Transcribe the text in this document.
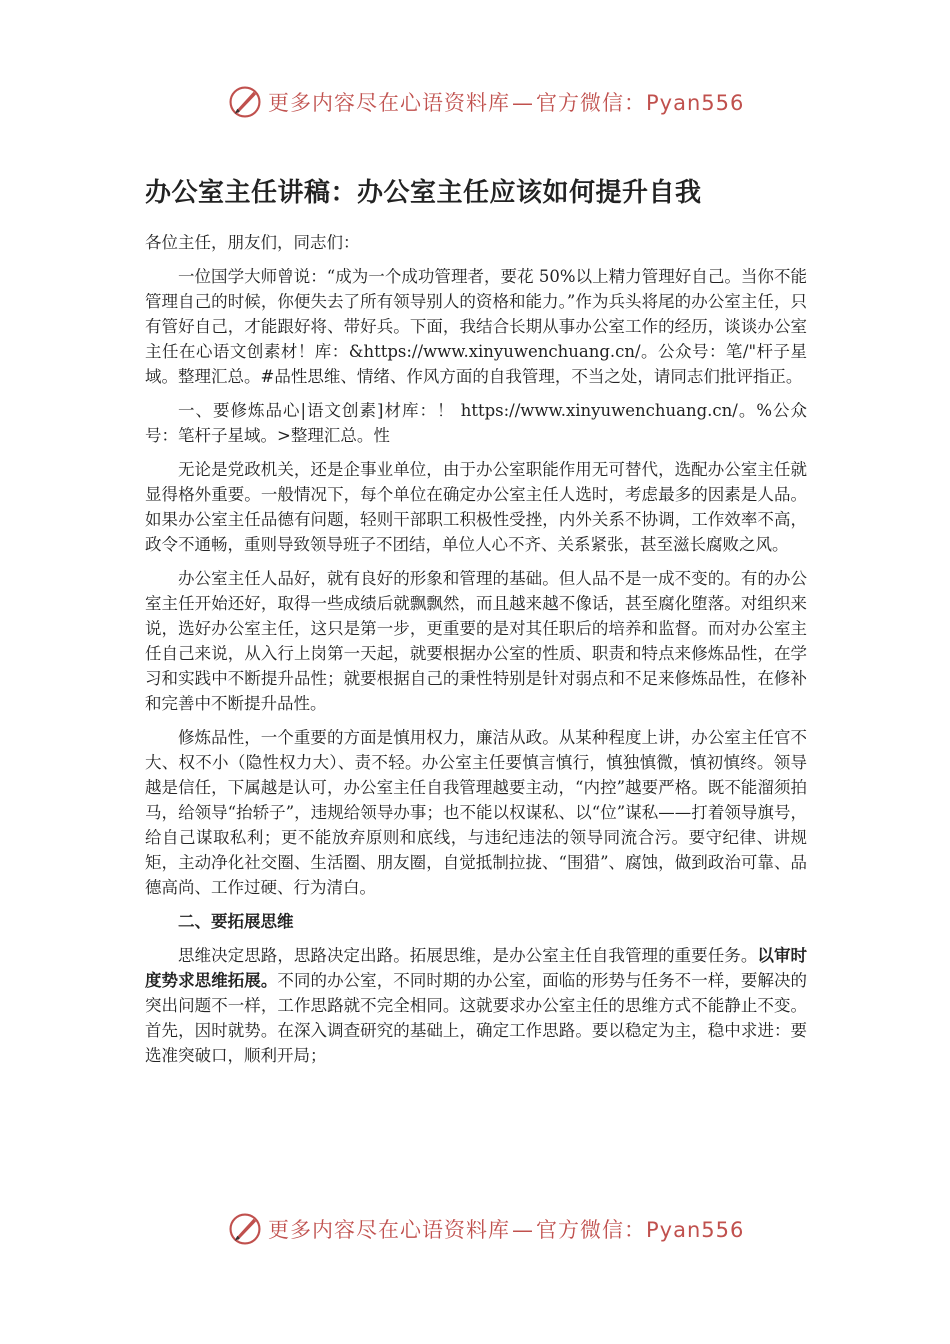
更多内容尽在心语资料库—官方微信：Pyan556
办公室主任讲稿：办公室主任应该如何提升自我

各位主任，朋友们，同志们：

一位国学大师曾说：“成为一个成功管理者，要花 50%以上精力管理好自己。当你不能管理自己的时候，你便失去了所有领导别人的资格和能力。”作为兵头将尾的办公室主任，只有管好自己，才能跟好将、带好兵。下面，我结合长期从事办公室工作的经历，谈谈办公室主任在心语文创素材！库：&https://www.xinyuwenchuang.cn/。公众号：笔/"杆子星域。整理汇总。#品性思维、情绪、作风方面的自我管理，不当之处，请同志们批评指正。

一、要修炼品心|语文创素]材库：！ https://www.xinyuwenchuang.cn/。%公众号：笔杆子星域。>整理汇总。性

无论是党政机关，还是企事业单位，由于办公室职能作用无可替代，选配办公室主任就显得格外重要。一般情况下，每个单位在确定办公室主任人选时，考虑最多的因素是人品。如果办公室主任品德有问题，轻则干部职工积极性受挫，内外关系不协调，工作效率不高，政令不通畅，重则导致领导班子不团结，单位人心不齐、关系紧张，甚至滋长腐败之风。

办公室主任人品好，就有良好的形象和管理的基础。但人品不是一成不变的。有的办公室主任开始还好，取得一些成绩后就飘飘然，而且越来越不像话，甚至腐化堕落。对组织来说，选好办公室主任，这只是第一步，更重要的是对其任职后的培养和监督。而对办公室主任自己来说，从入行上岗第一天起，就要根据办公室的性质、职责和特点来修炼品性，在学习和实践中不断提升品性；就要根据自己的秉性特别是针对弱点和不足来修炼品性，在修补和完善中不断提升品性。

修炼品性，一个重要的方面是慎用权力，廉洁从政。从某种程度上讲，办公室主任官不大、权不小（隐性权力大）、责不轻。办公室主任要慎言慎行，慎独慎微，慎初慎终。领导越是信任，下属越是认可，办公室主任自我管理越要主动，“内控”越要严格。既不能溜须拍马，给领导“抬轿子”，违规给领导办事；也不能以权谋私、以“位”谋私——打着领导旗号，给自己谋取私利；更不能放弃原则和底线，与违纪违法的领导同流合污。要守纪律、讲规矩，主动净化社交圈、生活圈、朋友圈，自觉抵制拉拢、“围猎”、腐蚀，做到政治可靠、品德高尚、工作过硬、行为清白。

二、要拓展思维

思维决定思路，思路决定出路。拓展思维，是办公室主任自我管理的重要任务。以审时度势求思维拓展。不同的办公室，不同时期的办公室，面临的形势与任务不一样，要解决的突出问题不一样，工作思路就不完全相同。这就要求办公室主任的思维方式不能静止不变。首先，因时就势。在深入调查研究的基础上，确定工作思路。要以稳定为主，稳中求进：要选准突破口，顺利开局；

更多内容尽在心语资料库—官方微信：Pyan556
